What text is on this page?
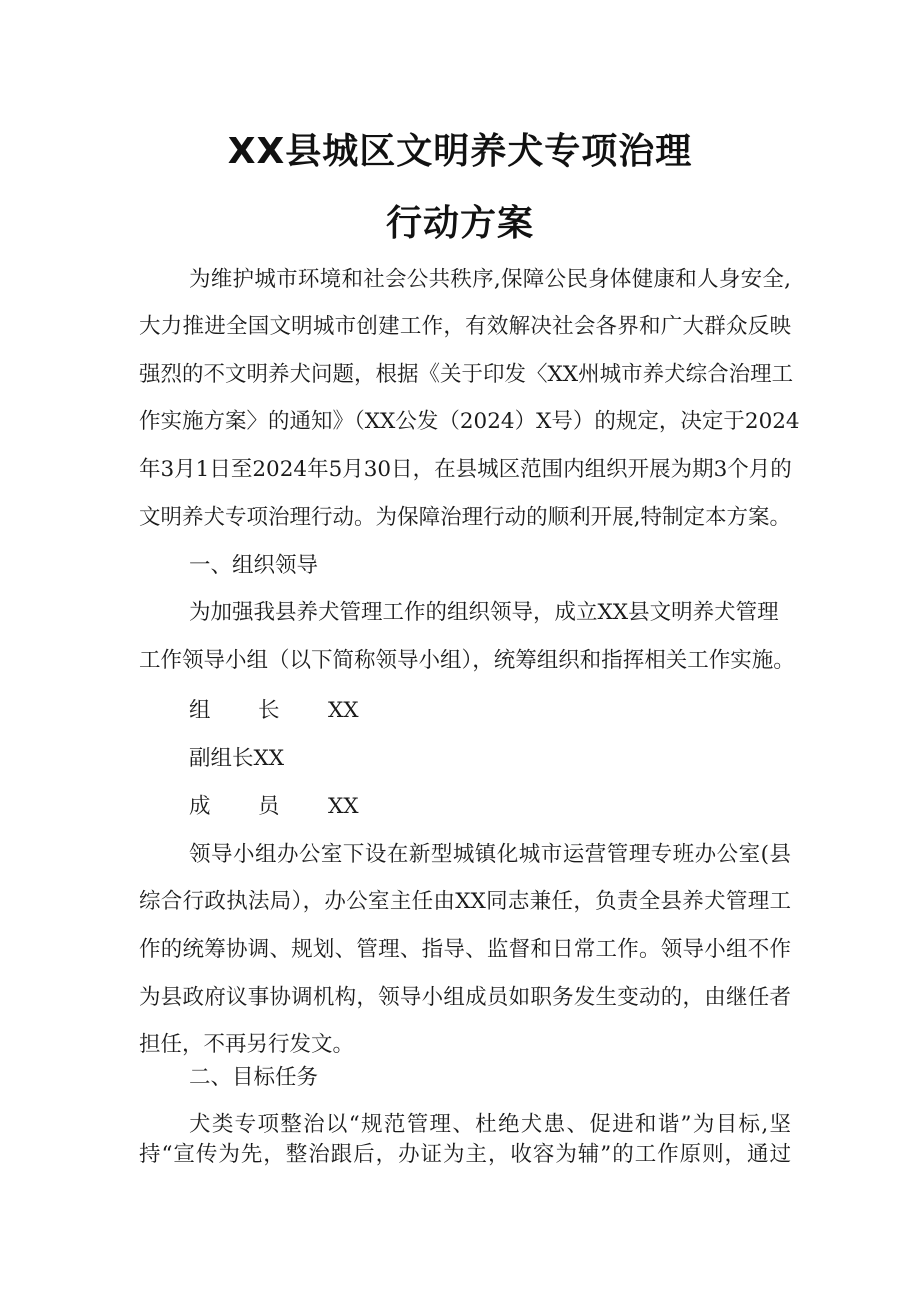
XX县城区文明养犬专项治理
行动方案
为维护城市环境和社会公共秩序,保障公民身体健康和人身安全,
大力推进全国文明城市创建工作，有效解决社会各界和广大群众反映
强烈的不文明养犬问题，根据《关于印发〈XX州城市养犬综合治理工
作实施方案〉的通知》（XX公发（2024）X号）的规定，决定于2024
年3月1日至2024年5月30日，在县城区范围内组织开展为期3个月的
文明养犬专项治理行动。为保障治理行动的顺利开展,特制定本方案。
一、组织领导
为加强我县养犬管理工作的组织领导，成立XX县文明养犬管理
工作领导小组（以下简称领导小组），统筹组织和指挥相关工作实施。
组 长 XX
副组长XX
成 员 XX
领导小组办公室下设在新型城镇化城市运营管理专班办公室(县
综合行政执法局），办公室主任由XX同志兼任，负责全县养犬管理工
作的统筹协调、规划、管理、指导、监督和日常工作。领导小组不作
为县政府议事协调机构，领导小组成员如职务发生变动的，由继任者
担任，不再另行发文。
二、目标任务
犬类专项整治以“规范管理、杜绝犬患、促进和谐”为目标,坚
持“宣传为先，整治跟后，办证为主，收容为辅”的工作原则，通过
